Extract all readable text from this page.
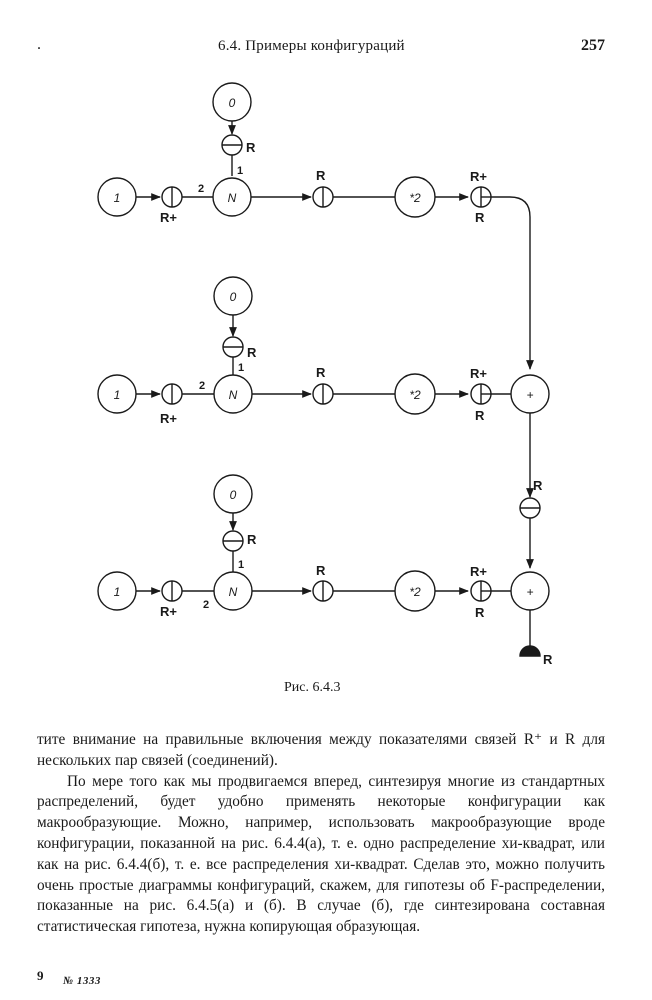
.	6.4. Примеры конфигураций	257
0
R
1
1
R+
2
N
R
*2
R+
R
0
R
1
1
R+
2
N
R
*2
R+
R
+
R
0
R
1
1
R+ 2
N
R
*2
R+
R
+
R
Рис. 6.4.3

тите внимание на правильные включения между показателями связей R⁺ и R для нескольких пар связей (соединений).

По мере того как мы продвигаемся вперед, синтезируя многие из стандартных распределений, будет удобно применять некоторые конфигурации как макрообразующие. Можно, например, использовать макрообразующие вроде конфигурации, показанной на рис. 6.4.4(а), т. е. одно распределение хи-квадрат, или как на рис. 6.4.4(б), т. е. все распределения хи-квадрат. Сделав это, можно получить очень простые диаграммы конфигураций, скажем, для гипотезы об F-распределении, показанные на рис. 6.4.5(а) и (б). В случае (б), где синтезирована составная статистическая гипотеза, нужна копирующая образующая.

9 № 1333
